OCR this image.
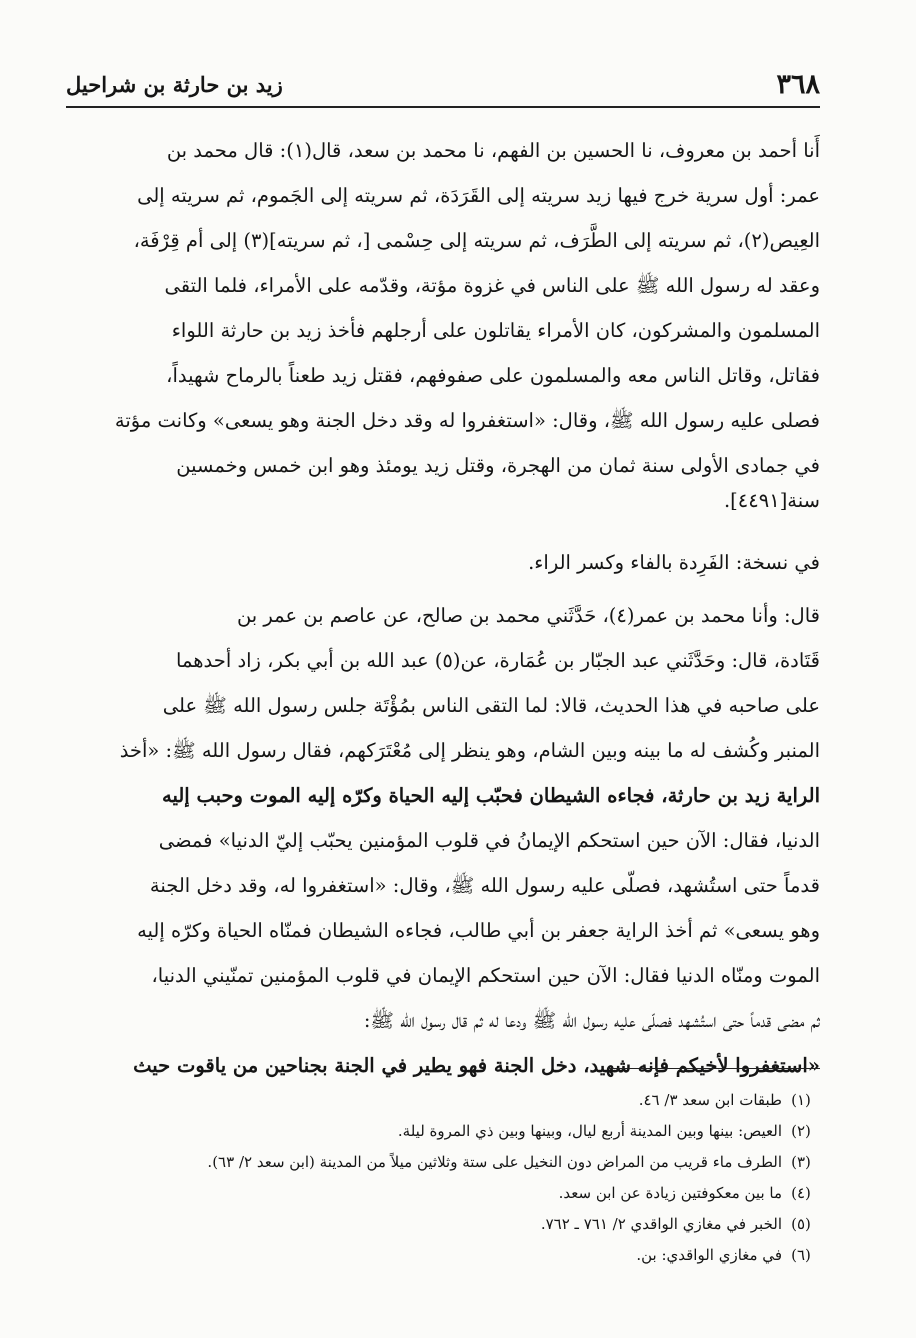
٣٦٨
زيد بن حارثة بن شراحيل
أَنا أحمد بن معروف، نا الحسين بن الفهم، نا محمد بن سعد، قال(١): قال محمد بن
عمر: أول سرية خرج فيها زيد سريته إلى القَرَدَة، ثم سريته إلى الجَموم، ثم سريته إلى
العِيص(٢)، ثم سريته إلى الطَّرَف، ثم سريته إلى حِسْمى [، ثم سريته](٣) إلى أم قِرْفَة،
وعقد له رسول الله ﷺ على الناس في غزوة مؤتة، وقدّمه على الأمراء، فلما التقى
المسلمون والمشركون، كان الأمراء يقاتلون على أرجلهم فأخذ زيد بن حارثة اللواء
فقاتل، وقاتل الناس معه والمسلمون على صفوفهم، فقتل زيد طعناً بالرماح شهيداً،
فصلى عليه رسول الله ﷺ، وقال: «استغفروا له وقد دخل الجنة وهو يسعى» وكانت مؤتة
في جمادى الأولى سنة ثمان من الهجرة، وقتل زيد يومئذ وهو ابن خمس وخمسين
سنة[٤٤٩١].
في نسخة: الفَرِدة بالفاء وكسر الراء.
قال: وأنا محمد بن عمر(٤)، حَدَّثَني محمد بن صالح، عن عاصم بن عمر بن
قَتَادة، قال: وحَدَّثَني عبد الجبّار بن عُمَارة، عن(٥) عبد الله بن أبي بكر، زاد أحدهما
على صاحبه في هذا الحديث، قالا: لما التقى الناس بمُؤْتَة جلس رسول الله ﷺ على
المنبر وكُشف له ما بينه وبين الشام، وهو ينظر إلى مُعْتَرَكهم، فقال رسول الله ﷺ: «أخذ
الراية زيد بن حارثة، فجاءه الشيطان فحبّب إليه الحياة وكرّه إليه الموت وحبب إليه
الدنيا، فقال: الآن حين استحكم الإيمانُ في قلوب المؤمنين يحبّب إليّ الدنيا» فمضى
قدماً حتى استُشهد، فصلّى عليه رسول الله ﷺ، وقال: «استغفروا له، وقد دخل الجنة
وهو يسعى» ثم أخذ الراية جعفر بن أبي طالب، فجاءه الشيطان فمنّاه الحياة وكرّه إليه
الموت ومنّاه الدنيا فقال: الآن حين استحكم الإيمان في قلوب المؤمنين تمنّيني الدنيا،
ثم مضى قدماً حتى استُشهد فصلّى عليه رسول الله ﷺ ودعا له ثم قال رسول الله ﷺ:
«استغفروا لأخيكم فإنه شهيد، دخل الجنة فهو يطير في الجنة بجناحين من ياقوت حيث
(١)
طبقات ابن سعد ٣/ ٤٦.
(٢)
العيص: بينها وبين المدينة أربع ليال، وبينها وبين ذي المروة ليلة.
(٣)
الطرف ماء قريب من المراض دون النخيل على ستة وثلاثين ميلاً من المدينة (ابن سعد ٢/ ٦٣).
(٤)
ما بين معكوفتين زيادة عن ابن سعد.
(٥)
الخبر في مغازي الواقدي ٢/ ٧٦١ ـ ٧٦٢.
(٦)
في مغازي الواقدي: بن.
